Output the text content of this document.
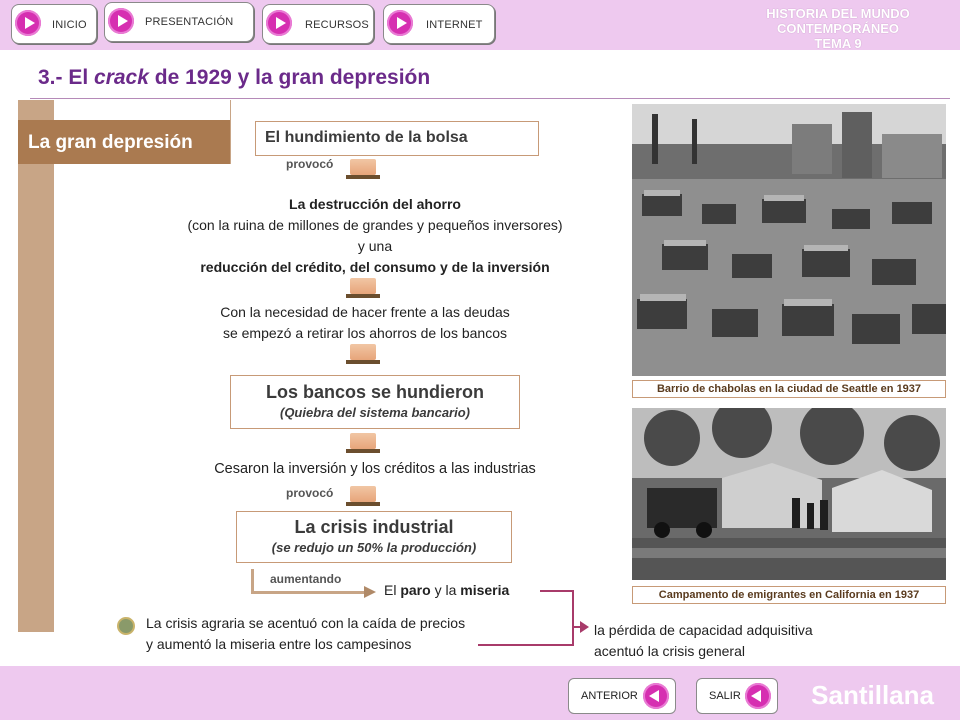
INICIO	PRESENTACIÓN	RECURSOS	INTERNET
HISTORIA DEL MUNDO CONTEMPORÁNEO
TEMA 9
3.- El crack de 1929 y la gran depresión
La gran depresión	El hundimiento de la bolsa
provocó
La destrucción del ahorro
(con la ruina de millones de grandes y pequeños inversores)
y una
reducción del crédito, del consumo y de la inversión
Con la necesidad de hacer frente a las deudas
se empezó a retirar los ahorros de los bancos
Los bancos se hundieron
(Quiebra del sistema bancario)
Cesaron la inversión y los créditos a las industrias
provocó
La crisis industrial
(se redujo un 50% la producción)
aumentando
El paro y la miseria
La crisis agraria se acentuó con la caída de precios
y aumentó la miseria entre los campesinos
la pérdida de capacidad adquisitiva
acentuó la crisis general
Barrio de chabolas en la ciudad de Seattle en 1937
Campamento de emigrantes en California en 1937
ANTERIOR	SALIR	Santillana
